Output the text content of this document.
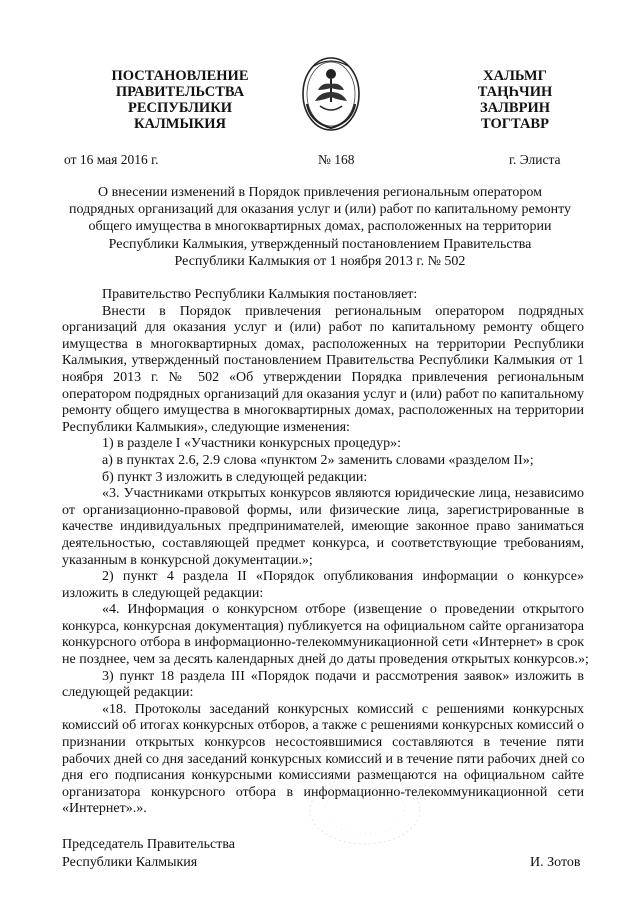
ПОСТАНОВЛЕНИЕ
ПРАВИТЕЛЬСТВА
РЕСПУБЛИКИ
КАЛМЫКИЯ
ХАЛЬМГ
ТАҢҺЧИН
ЗАЛВРИН
ТОГТАВР
от 16 мая 2016 г.	№ 168	г. Элиста
О внесении изменений в Порядок привлечения региональным оператором
подрядных организаций для оказания услуг и (или) работ по капитальному ремонту
общего имущества в многоквартирных домах, расположенных на территории
Республики Калмыкия, утвержденный постановлением Правительства
Республики Калмыкия от 1 ноября 2013 г. № 502
Правительство Республики Калмыкия постановляет:
Внести в Порядок привлечения региональным оператором подрядных
организаций для оказания услуг и (или) работ по капитальному ремонту общего
имущества в многоквартирных домах, расположенных на территории Республики
Калмыкия, утвержденный постановлением Правительства Республики Калмыкия от 1
ноября 2013 г. № 502 «Об утверждении Порядка привлечения региональным
оператором подрядных организаций для оказания услуг и (или) работ по капитальному
ремонту общего имущества в многоквартирных домах, расположенных на территории
Республики Калмыкия», следующие изменения:
1) в разделе I «Участники конкурсных процедур»:
а) в пунктах 2.6, 2.9 слова «пунктом 2» заменить словами «разделом II»;
б) пункт 3 изложить в следующей редакции:
«3. Участниками открытых конкурсов являются юридические лица, независимо
от организационно-правовой формы, или физические лица, зарегистрированные в
качестве индивидуальных предпринимателей, имеющие законное право заниматься
деятельностью, составляющей предмет конкурса, и соответствующие требованиям,
указанным в конкурсной документации.»;
2) пункт 4 раздела II «Порядок опубликования информации о конкурсе»
изложить в следующей редакции:
«4. Информация о конкурсном отборе (извещение о проведении открытого
конкурса, конкурсная документация) публикуется на официальном сайте организатора
конкурсного отбора в информационно-телекоммуникационной сети «Интернет» в срок
не позднее, чем за десять календарных дней до даты проведения открытых конкурсов.»;
3) пункт 18 раздела III «Порядок подачи и рассмотрения заявок» изложить в
следующей редакции:
«18. Протоколы заседаний конкурсных комиссий с решениями конкурсных
комиссий об итогах конкурсных отборов, а также с решениями конкурсных комиссий о
признании открытых конкурсов несостоявшимися составляются в течение пяти
рабочих дней со дня заседаний конкурсных комиссий и в течение пяти рабочих дней со
дня его подписания конкурсными комиссиями размещаются на официальном сайте
организатора конкурсного отбора в информационно-телекоммуникационной сети
«Интернет».».
Председатель Правительства
Республики Калмыкия	И. Зотов
